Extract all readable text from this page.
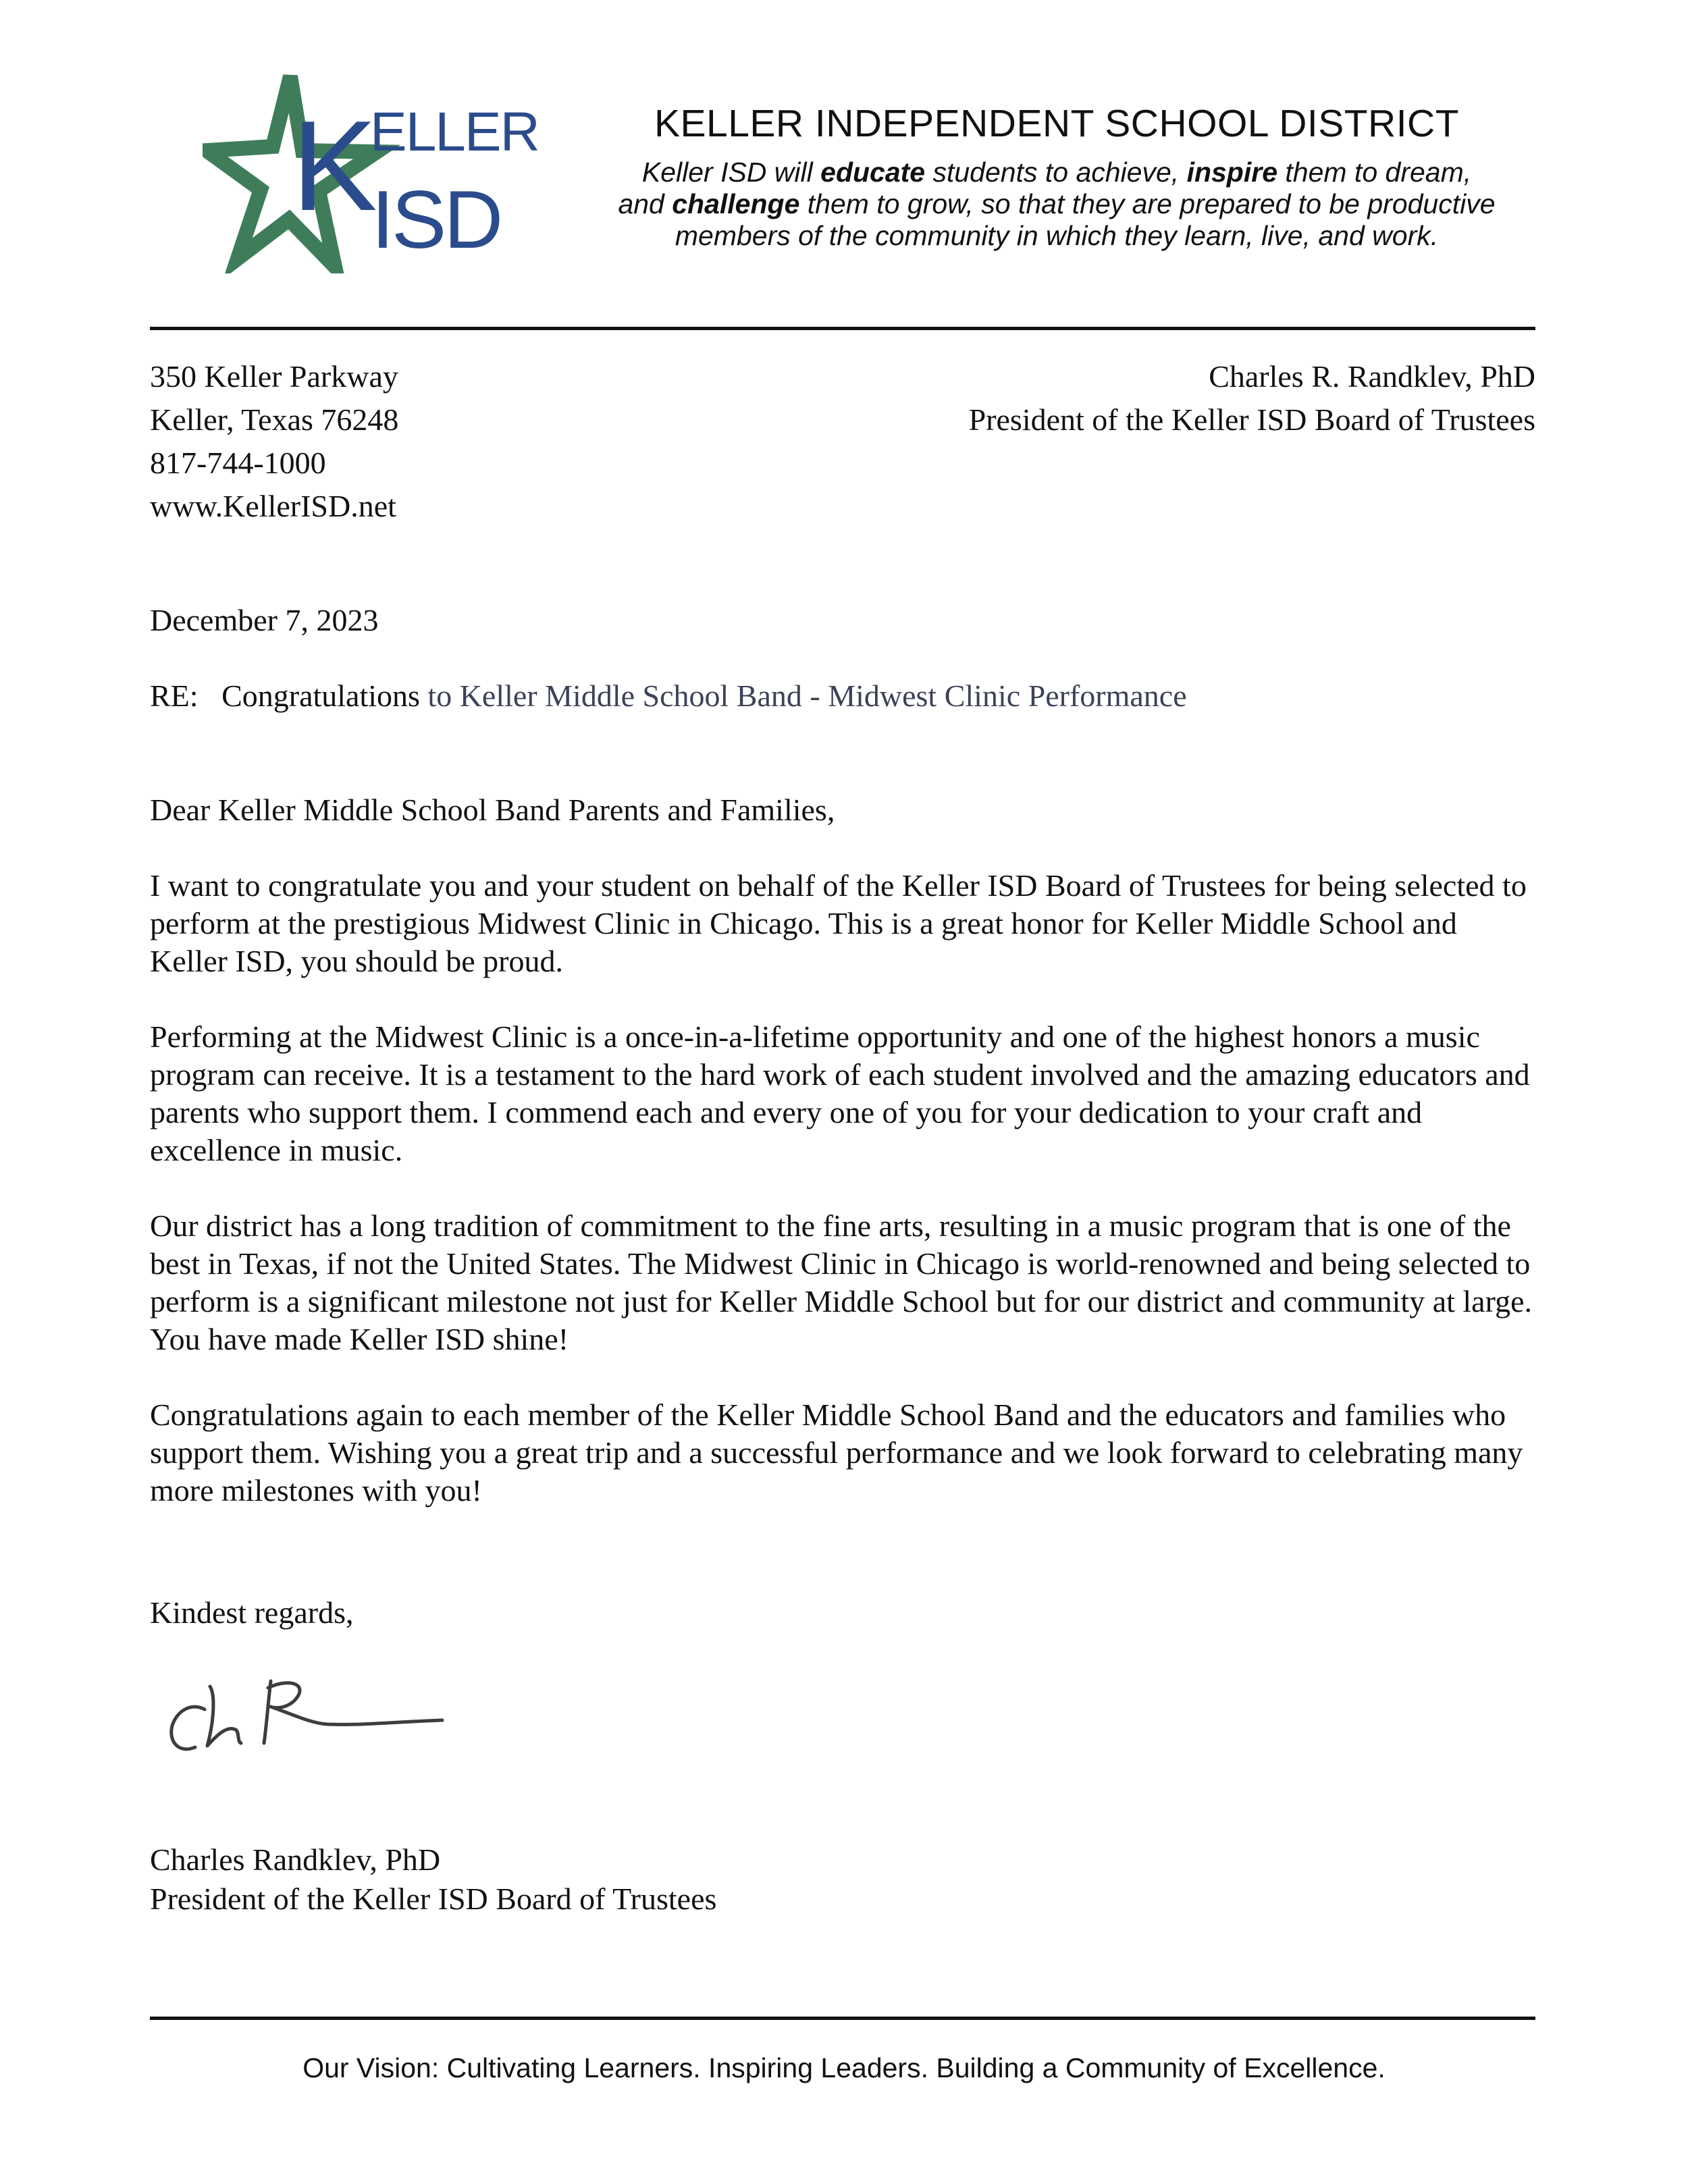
K
ELLER
ISD
KELLER INDEPENDENT SCHOOL DISTRICT
Keller ISD will educate students to achieve, inspire them to dream,
and challenge them to grow, so that they are prepared to be productive
members of the community in which they learn, live, and work.
350 Keller Parkway
Keller, Texas 76248
817-744-1000
www.KellerISD.net
Charles R. Randklev, PhD
President of the Keller ISD Board of Trustees
December 7, 2023
RE: Congratulations to Keller Middle School Band - Midwest Clinic Performance

Dear Keller Middle School Band Parents and Families,

I want to congratulate you and your student on behalf of the Keller ISD Board of Trustees for being selected to perform at the prestigious Midwest Clinic in Chicago. This is a great honor for Keller Middle School and Keller ISD, you should be proud.

Performing at the Midwest Clinic is a once-in-a-lifetime opportunity and one of the highest honors a music program can receive. It is a testament to the hard work of each student involved and the amazing educators and parents who support them. I commend each and every one of you for your dedication to your craft and excellence in music.

Our district has a long tradition of commitment to the fine arts, resulting in a music program that is one of the best in Texas, if not the United States. The Midwest Clinic in Chicago is world-renowned and being selected to perform is a significant milestone not just for Keller Middle School but for our district and community at large. You have made Keller ISD shine!

Congratulations again to each member of the Keller Middle School Band and the educators and families who support them. Wishing you a great trip and a successful performance and we look forward to celebrating many more milestones with you!

Kindest regards,
Charles Randklev, PhD
President of the Keller ISD Board of Trustees
Our Vision: Cultivating Learners. Inspiring Leaders. Building a Community of Excellence.
